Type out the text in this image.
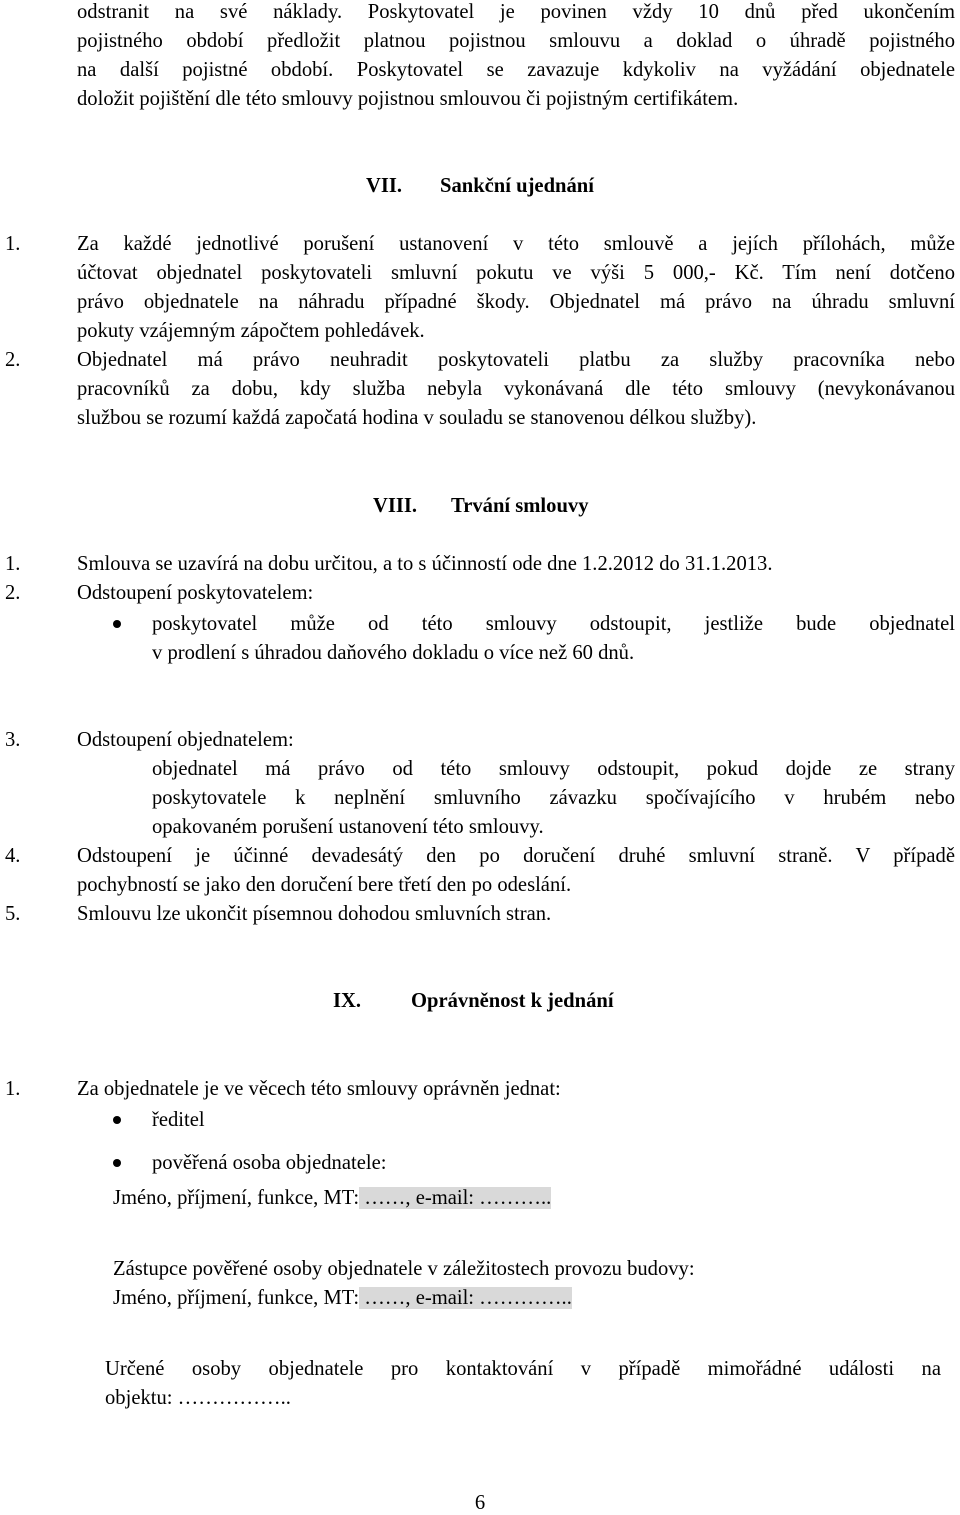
odstranit na své náklady. Poskytovatel je povinen vždy 10 dnů před ukončením
pojistného období předložit platnou pojistnou smlouvu a doklad o úhradě pojistného
na další pojistné období. Poskytovatel se zavazuje kdykoliv na vyžádání objednatele
doložit pojištění dle této smlouvy pojistnou smlouvou či pojistným certifikátem.
VII. Sankční ujednání
1.	Za každé jednotlivé porušení ustanovení v této smlouvě a jejích přílohách, může
účtovat objednatel poskytovateli smluvní pokutu ve výši 5 000,- Kč. Tím není dotčeno
právo objednatele na náhradu případné škody. Objednatel má právo na úhradu smluvní
pokuty vzájemným zápočtem pohledávek.
2.	Objednatel má právo neuhradit poskytovateli platbu za služby pracovníka nebo
pracovníků za dobu, kdy služba nebyla vykonávaná dle této smlouvy (nevykonávanou
službou se rozumí každá započatá hodina v souladu se stanovenou délkou služby).
VIII. Trvání smlouvy
1.	Smlouva se uzavírá na dobu určitou, a to s účinností ode dne 1.2.2012 do 31.1.2013.
2.	Odstoupení poskytovatelem:
poskytovatel může od této smlouvy odstoupit, jestliže bude objednatel
v prodlení s úhradou daňového dokladu o více než 60 dnů.
3.	Odstoupení objednatelem:
objednatel má právo od této smlouvy odstoupit, pokud dojde ze strany
poskytovatele k neplnění smluvního závazku spočívajícího v hrubém nebo
opakovaném porušení ustanovení této smlouvy.
4.	Odstoupení je účinné devadesátý den po doručení druhé smluvní straně. V případě
pochybností se jako den doručení bere třetí den po odeslání.
5.	Smlouvu lze ukončit písemnou dohodou smluvních stran.
IX. Oprávněnost k jednání
1.	Za objednatele je ve věcech této smlouvy oprávněn jednat:
ředitel
pověřená osoba objednatele:
Jméno, příjmení, funkce, MT: ……, e-mail: ………..
Zástupce pověřené osoby objednatele v záležitostech provozu budovy:
Jméno, příjmení, funkce, MT: ……, e-mail: …………..
Určené osoby objednatele pro kontaktování v případě mimořádné události na
objektu: ……………..
6
